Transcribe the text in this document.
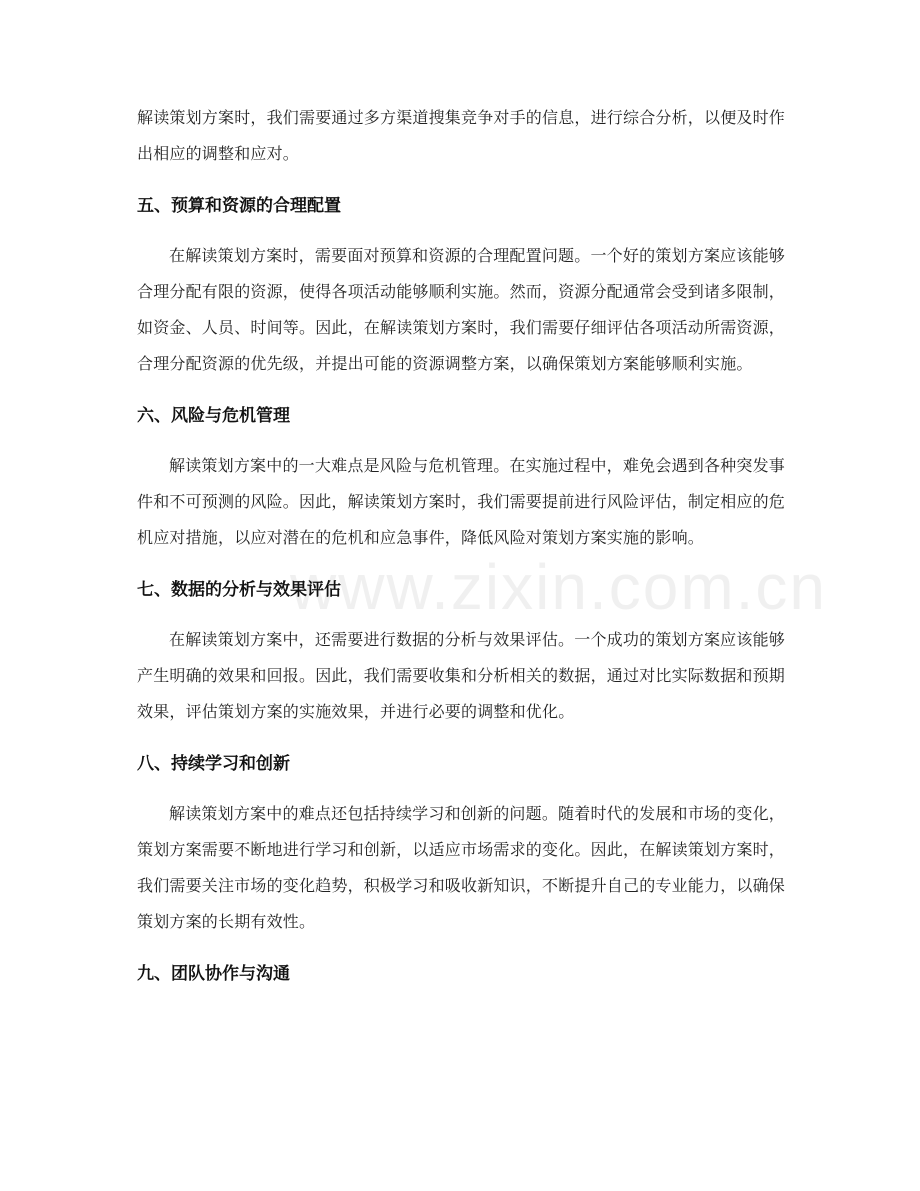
www.zixin.com.cn

解读策划方案时，我们需要通过多方渠道搜集竞争对手的信息，进行综合分析，以便及时作出相应的调整和应对。

五、预算和资源的合理配置

在解读策划方案时，需要面对预算和资源的合理配置问题。一个好的策划方案应该能够合理分配有限的资源，使得各项活动能够顺利实施。然而，资源分配通常会受到诸多限制，如资金、人员、时间等。因此，在解读策划方案时，我们需要仔细评估各项活动所需资源，合理分配资源的优先级，并提出可能的资源调整方案，以确保策划方案能够顺利实施。

六、风险与危机管理

解读策划方案中的一大难点是风险与危机管理。在实施过程中，难免会遇到各种突发事件和不可预测的风险。因此，解读策划方案时，我们需要提前进行风险评估，制定相应的危机应对措施，以应对潜在的危机和应急事件，降低风险对策划方案实施的影响。

七、数据的分析与效果评估

在解读策划方案中，还需要进行数据的分析与效果评估。一个成功的策划方案应该能够产生明确的效果和回报。因此，我们需要收集和分析相关的数据，通过对比实际数据和预期效果，评估策划方案的实施效果，并进行必要的调整和优化。

八、持续学习和创新

解读策划方案中的难点还包括持续学习和创新的问题。随着时代的发展和市场的变化，策划方案需要不断地进行学习和创新，以适应市场需求的变化。因此，在解读策划方案时，我们需要关注市场的变化趋势，积极学习和吸收新知识，不断提升自己的专业能力，以确保策划方案的长期有效性。

九、团队协作与沟通
